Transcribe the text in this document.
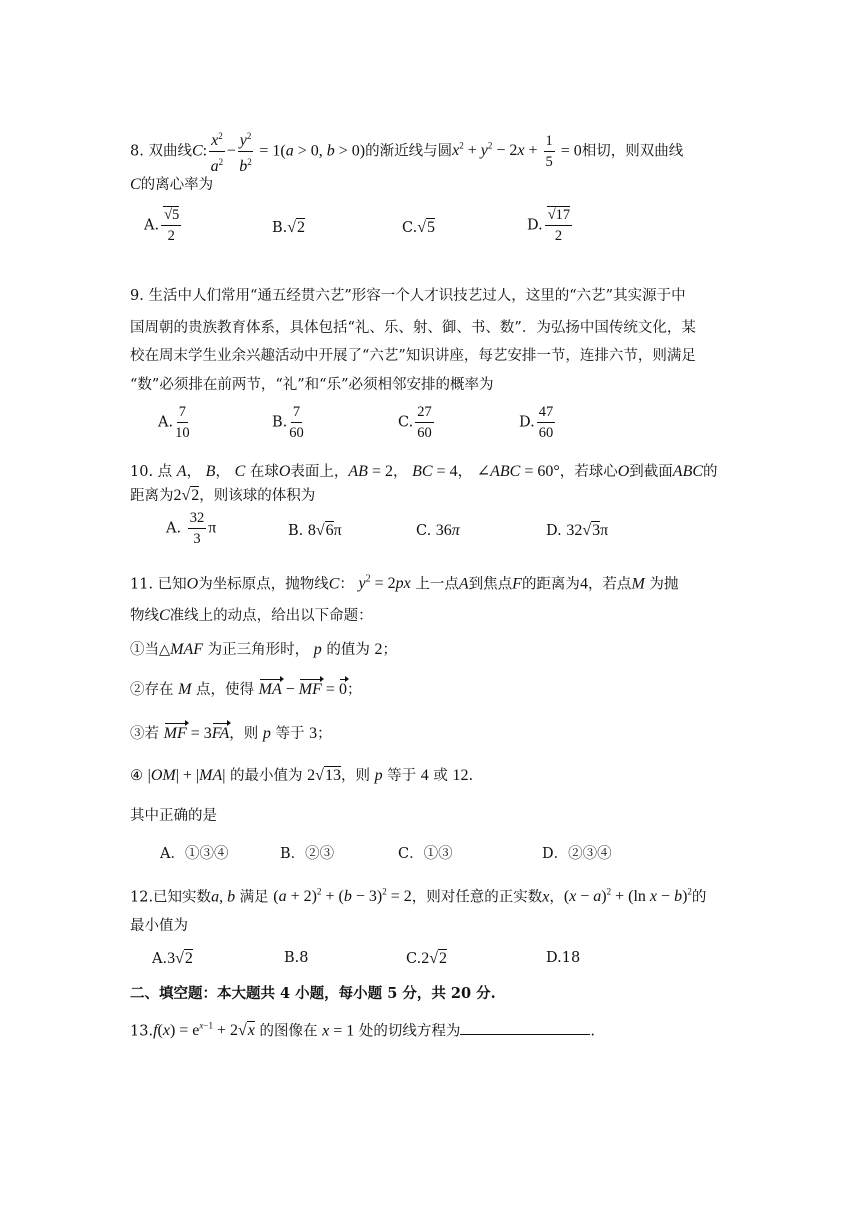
8. 双曲线C: $\frac{x^2}{a^2} - \frac{y^2}{b^2} = 1(a > 0$, b > 0)的渐近线与圆$x^2 + y^2 - 2x + \frac{1}{5} = 0$相切，则双曲线
C的离心率为
A. $\frac{√5}{2}$	B.√2	C.√5	D. $\frac{√17}{2}$
9. 生活中人们常用“通五经贯六艺”形容一个人才识技艺过人，这里的“六艺”其实源于中
国周朝的贵族教育体系，具体包括“礼、乐、射、御、书、数”．为弘扬中国传统文化，某
校在周末学生业余兴趣活动中开展了“六艺”知识讲座，每艺安排一节，连排六节，则满足
“数”必须排在前两节，“礼”和“乐”必须相邻安排的概率为
A. $\frac{7}{10}$	B. $\frac{7}{60}$	C. $\frac{27}{60}$	D. $\frac{47}{60}$
10. 点 A， B， C 在球O表面上，AB = 2， BC = 4， ∠ABC = 60°，若球心O到截面ABC的
距离为2√2，则该球的体积为
A. $\frac{32}{3}$ π	B. 8√6π	C. 36π	D. 32√3π
11. 已知O为坐标原点，抛物线C： $y^2 = 2px$ 上一点A到焦点F的距离为4，若点M 为抛
物线C准线上的动点，给出以下命题：
①当△MAF 为正三角形时， p 的值为 2；
②存在 M 点，使得 MA − MF = 0；
③若 MF = 3FA，则 p 等于 3；
④ |OM| + |MA| 的最小值为 2√13，则 p 等于 4 或 12.
其中正确的是
A．①③④	B．②③	C．①③	D．②③④
12.已知实数a, b 满足 $(a + 2)^2 + (b - 3)^2 = 2$，则对任意的正实数x，$(x - a)^2 + (\ln$ x − b)$^2$的
最小值为
A.3√2	B.8	C.2√2	D.18
二、填空题：本大题共 4 小题，每小题 5 分，共 20 分.
$13.f(x) = e^{x-1} + 2√x$ 的图像在 x = 1 处的切线方程为	.
